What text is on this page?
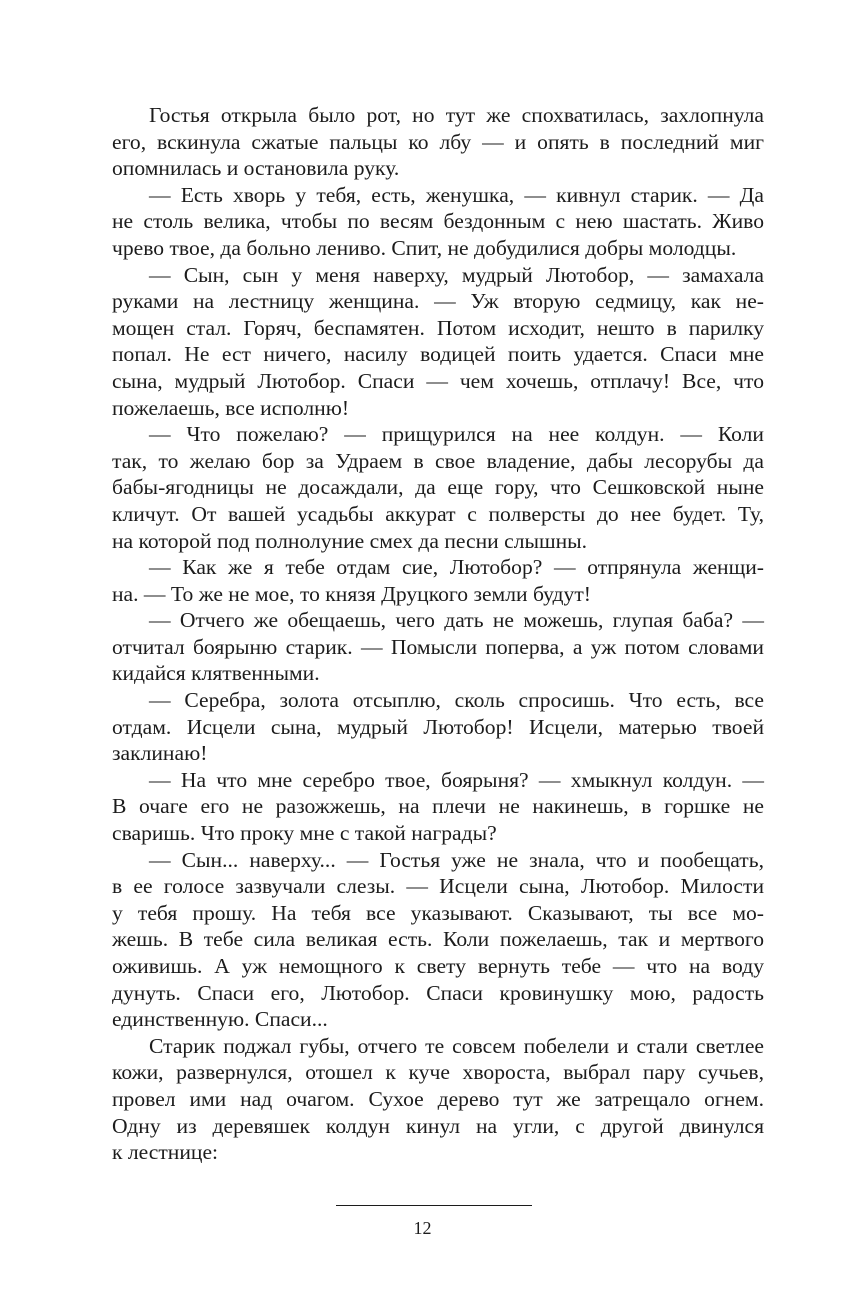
Гостья открыла было рот, но тут же спохватилась, захлопнула
его, вскинула сжатые пальцы ко лбу — и опять в последний миг
опомнилась и остановила руку.
— Есть хворь у тебя, есть, женушка, — кивнул старик. — Да
не столь велика, чтобы по весям бездонным с нею шастать. Живо
чрево твое, да больно лениво. Спит, не добудилися добры молодцы.
— Сын, сын у меня наверху, мудрый Лютобор, — замахала
руками на лестницу женщина. — Уж вторую седмицу, как не-
мощен стал. Горяч, беспамятен. Потом исходит, нешто в парилку
попал. Не ест ничего, насилу водицей поить удается. Спаси мне
сына, мудрый Лютобор. Спаси — чем хочешь, отплачу! Все, что
пожелаешь, все исполню!
— Что пожелаю? — прищурился на нее колдун. — Коли
так, то желаю бор за Удраем в свое владение, дабы лесорубы да
бабы-ягодницы не досаждали, да еще гору, что Сешковской ныне
кличут. От вашей усадьбы аккурат с полверсты до нее будет. Ту,
на которой под полнолуние смех да песни слышны.
— Как же я тебе отдам сие, Лютобор? — отпрянула женщи-
на. — То же не мое, то князя Друцкого земли будут!
— Отчего же обещаешь, чего дать не можешь, глупая баба? —
отчитал боярыню старик. — Помысли поперва, а уж потом словами
кидайся клятвенными.
— Серебра, золота отсыплю, сколь спросишь. Что есть, все
отдам. Исцели сына, мудрый Лютобор! Исцели, матерью твоей
заклинаю!
— На что мне серебро твое, боярыня? — хмыкнул колдун. —
В очаге его не разожжешь, на плечи не накинешь, в горшке не
сваришь. Что проку мне с такой награды?
— Сын... наверху... — Гостья уже не знала, что и пообещать,
в ее голосе зазвучали слезы. — Исцели сына, Лютобор. Милости
у тебя прошу. На тебя все указывают. Сказывают, ты все мо-
жешь. В тебе сила великая есть. Коли пожелаешь, так и мертвого
оживишь. А уж немощного к свету вернуть тебе — что на воду
дунуть. Спаси его, Лютобор. Спаси кровинушку мою, радость
единственную. Спаси...
Старик поджал губы, отчего те совсем побелели и стали светлее
кожи, развернулся, отошел к куче хвороста, выбрал пару сучьев,
провел ими над очагом. Сухое дерево тут же затрещало огнем.
Одну из деревяшек колдун кинул на угли, с другой двинулся
к лестнице:
12
